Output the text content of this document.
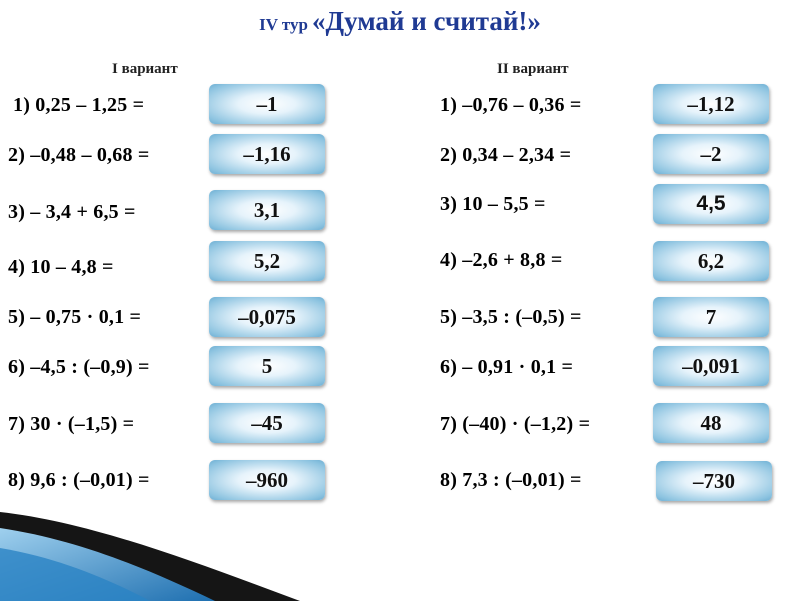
IV тур «Думай и считай!»
I вариант	II вариант
1) 0,25 – 1,25 =	–1
2) –0,48 – 0,68 =	–1,16
3) – 3,4 + 6,5 =	3,1
4) 10 – 4,8 =	5,2
5) – 0,75 · 0,1 =	–0,075
6) –4,5 : (–0,9) =	5
7) 30 · (–1,5) =	–45
8) 9,6 : (–0,01) =	–960
1) –0,76 – 0,36 =	–1,12
2) 0,34 – 2,34 =	–2
3) 10 – 5,5 =	4,5
4) –2,6 + 8,8 =	6,2
5) –3,5 : (–0,5) =	7
6) – 0,91 · 0,1 =	–0,091
7) (–40) · (–1,2) =	48
8) 7,3 : (–0,01) =	–730
